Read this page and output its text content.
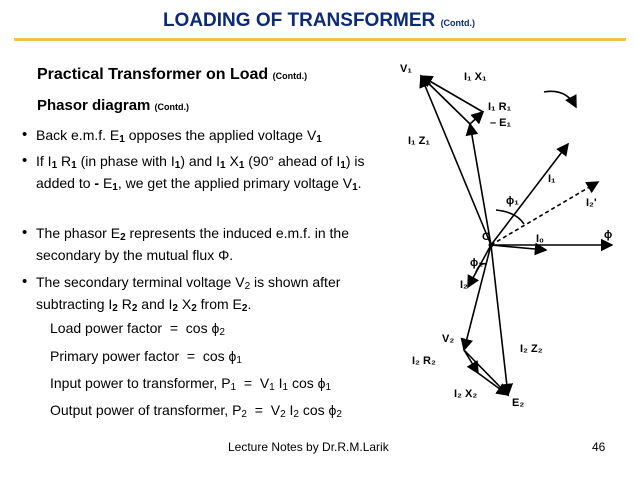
LOADING OF TRANSFORMER (Contd.)
Practical Transformer on Load (Contd.)
Phasor diagram (Contd.)
• Back e.m.f. $E_1$ opposes the applied voltage $V_1$
• If $I_1$ $R_1$ (in phase with $I_1$) and $I_1$ $X_1$ (90° ahead of $I_1$) is added to - $E_1$, we get the applied primary voltage $V_1$.
• The phasor $E_2$ represents the induced e.m.f. in the secondary by the mutual flux Φ.
• The secondary terminal voltage $V_2$ is shown after subtracting $I_2$ $R_2$ and $I_2$ $X_2$ from $E_2$.
Load power factor  =  $\cos \phi_2$
Primary power factor  =  $\cos \phi_1$
Input power to transformer, $P_1 = V_1$ $I_1$ $\cos \phi_1$
Output power of transformer, $P_2 = V_2$ $I_2$ $\cos \phi_2$
V₁
I₁ X₁
I₁ R₁
– E₁
I₁ Z₁
ϕ₁
I₁
I₂'
O	I₀	ϕ
ϕ₂
I₂
V₂
I₂ R₂
I₂ Z₂
I₂ X₂
E₂
Lecture Notes by Dr.R.M.Larik	46
